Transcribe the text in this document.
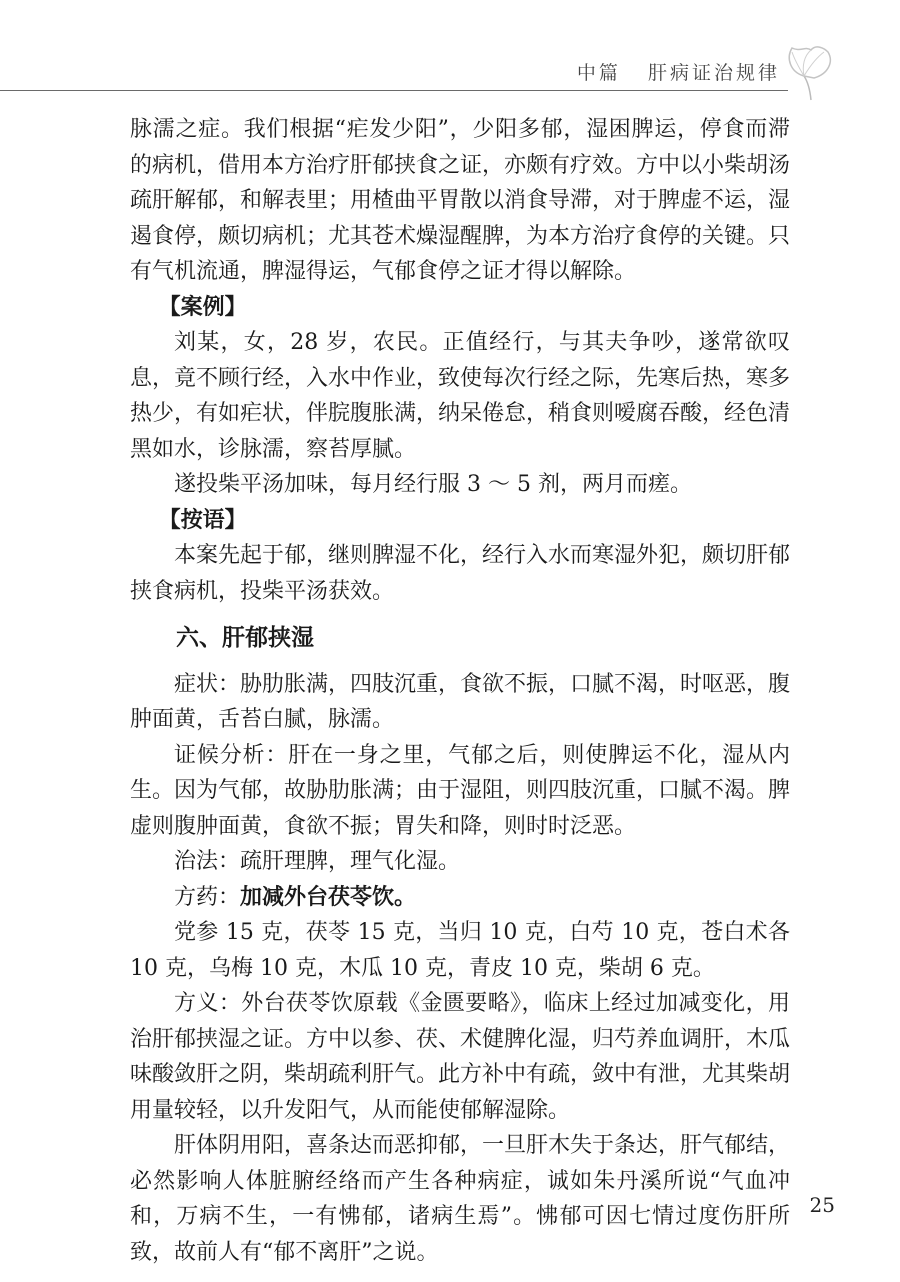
中篇 肝病证治规律

脉濡之症。我们根据“疟发少阳”，少阳多郁，湿困脾运，停食而滞的病机，借用本方治疗肝郁挟食之证，亦颇有疗效。方中以小柴胡汤疏肝解郁，和解表里；用楂曲平胃散以消食导滞，对于脾虚不运，湿遏食停，颇切病机；尤其苍术燥湿醒脾，为本方治疗食停的关键。只有气机流通，脾湿得运，气郁食停之证才得以解除。

【案例】

刘某，女，28 岁，农民。正值经行，与其夫争吵，遂常欲叹息，竟不顾行经，入水中作业，致使每次行经之际，先寒后热，寒多热少，有如疟状，伴脘腹胀满，纳呆倦怠，稍食则嗳腐吞酸，经色清黑如水，诊脉濡，察苔厚腻。

遂投柴平汤加味，每月经行服 3 ～ 5 剂，两月而瘥。

【按语】

本案先起于郁，继则脾湿不化，经行入水而寒湿外犯，颇切肝郁挟食病机，投柴平汤获效。

六、肝郁挟湿

症状：胁肋胀满，四肢沉重，食欲不振，口腻不渴，时呕恶，腹肿面黄，舌苔白腻，脉濡。

证候分析：肝在一身之里，气郁之后，则使脾运不化，湿从内生。因为气郁，故胁肋胀满；由于湿阻，则四肢沉重，口腻不渴。脾虚则腹肿面黄，食欲不振；胃失和降，则时时泛恶。

治法：疏肝理脾，理气化湿。

方药：加减外台茯苓饮。

党参 15 克，茯苓 15 克，当归 10 克，白芍 10 克，苍白术各 10 克，乌梅 10 克，木瓜 10 克，青皮 10 克，柴胡 6 克。

方义：外台茯苓饮原载《金匮要略》，临床上经过加减变化，用治肝郁挟湿之证。方中以参、茯、术健脾化湿，归芍养血调肝，木瓜味酸敛肝之阴，柴胡疏利肝气。此方补中有疏，敛中有泄，尤其柴胡用量较轻，以升发阳气，从而能使郁解湿除。

肝体阴用阳，喜条达而恶抑郁，一旦肝木失于条达，肝气郁结，必然影响人体脏腑经络而产生各种病症，诚如朱丹溪所说“气血冲和，万病不生，一有怫郁，诸病生焉”。怫郁可因七情过度伤肝所致，故前人有“郁不离肝”之说。

25
